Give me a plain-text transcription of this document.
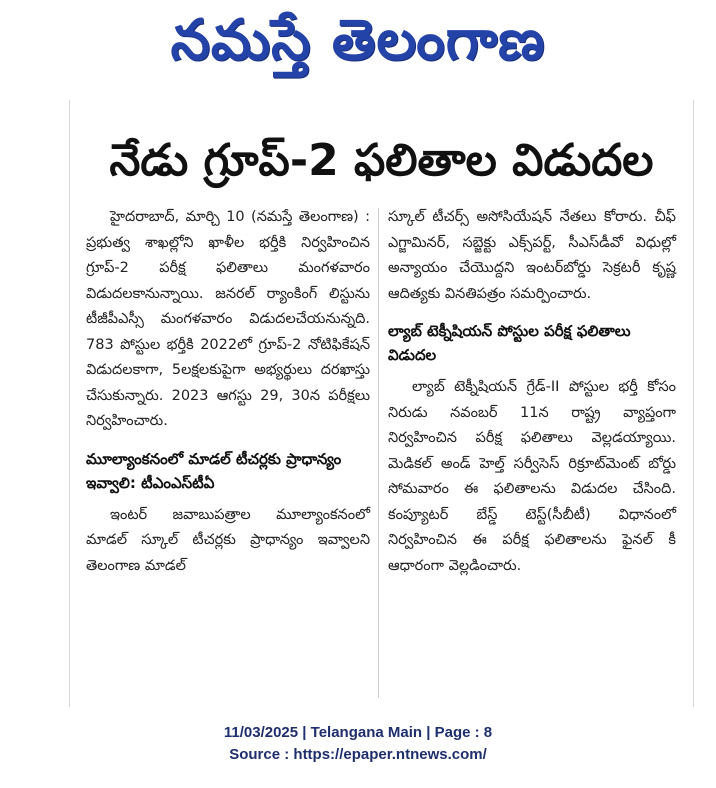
నమస్తే తెలంగాణ
నేడు గ్రూప్‌-2 ఫలితాల విడుదల

హైదరాబాద్‌, మార్చి 10 (నమస్తే తెలంగాణ) : ప్రభుత్వ శాఖల్లోని ఖాళీల భర్తీకి నిర్వహించిన గ్రూప్‌-2 పరీక్ష ఫలితాలు మంగళవారం విడుదలకానున్నాయి. జనరల్‌ ర్యాంకింగ్‌ లిస్టును టీజీపీఎస్సీ మంగళవారం విడుదలచేయనున్నది. 783 పోస్టుల భర్తీకి 2022లో గ్రూప్‌-2 నోటిఫికేషన్‌ విడుదలకాగా, 5లక్షలకుపైగా అభ్యర్థులు దరఖాస్తు చేసుకున్నారు. 2023 ఆగస్టు 29, 30న పరీక్షలు నిర్వహించారు.

మూల్యాంకనంలో మాడల్‌ టీచర్లకు ప్రాధాన్యం ఇవ్వాలి: టీఎంఎస్‌టీఏ

ఇంటర్‌ జవాబుపత్రాల మూల్యాంకనంలో మాడల్‌ స్కూల్‌ టీచర్లకు ప్రాధాన్యం ఇవ్వాలని తెలంగాణ మాడల్‌

స్కూల్‌ టీచర్స్‌ అసోసియేషన్‌ నేతలు కోరారు. చీఫ్‌ ఎగ్జామినర్‌, సబ్జెక్టు ఎక్స్‌పర్ట్‌, సీఎస్‌డీవో విధుల్లో అన్యాయం చేయొద్దని ఇంటర్‌బోర్డు సెక్రటరీ కృష్ణ ఆదిత్యకు వినతిపత్రం సమర్పించారు.

ల్యాబ్‌ టెక్నీషియన్‌ పోస్టుల పరీక్ష ఫలితాలు విడుదల

ల్యాబ్‌ టెక్నీషియన్‌ గ్రేడ్‌-II పోస్టుల భర్తీ కోసం నిరుడు నవంబర్‌ 11న రాష్ట్ర వ్యాప్తంగా నిర్వహించిన పరీక్ష ఫలితాలు వెల్లడయ్యాయి. మెడికల్‌ అండ్‌ హెల్త్‌ సర్వీసెస్‌ రిక్రూట్‌మెంట్‌ బోర్డు సోమవారం ఈ ఫలితాలను విడుదల చేసింది. కంప్యూటర్‌ బేస్డ్‌ టెస్ట్‌(సీబీటీ) విధానంలో నిర్వహించిన ఈ పరీక్ష ఫలితాలను ఫైనల్‌ కీ ఆధారంగా వెల్లడించారు.

11/03/2025 | Telangana Main | Page : 8
Source : https://epaper.ntnews.com/
